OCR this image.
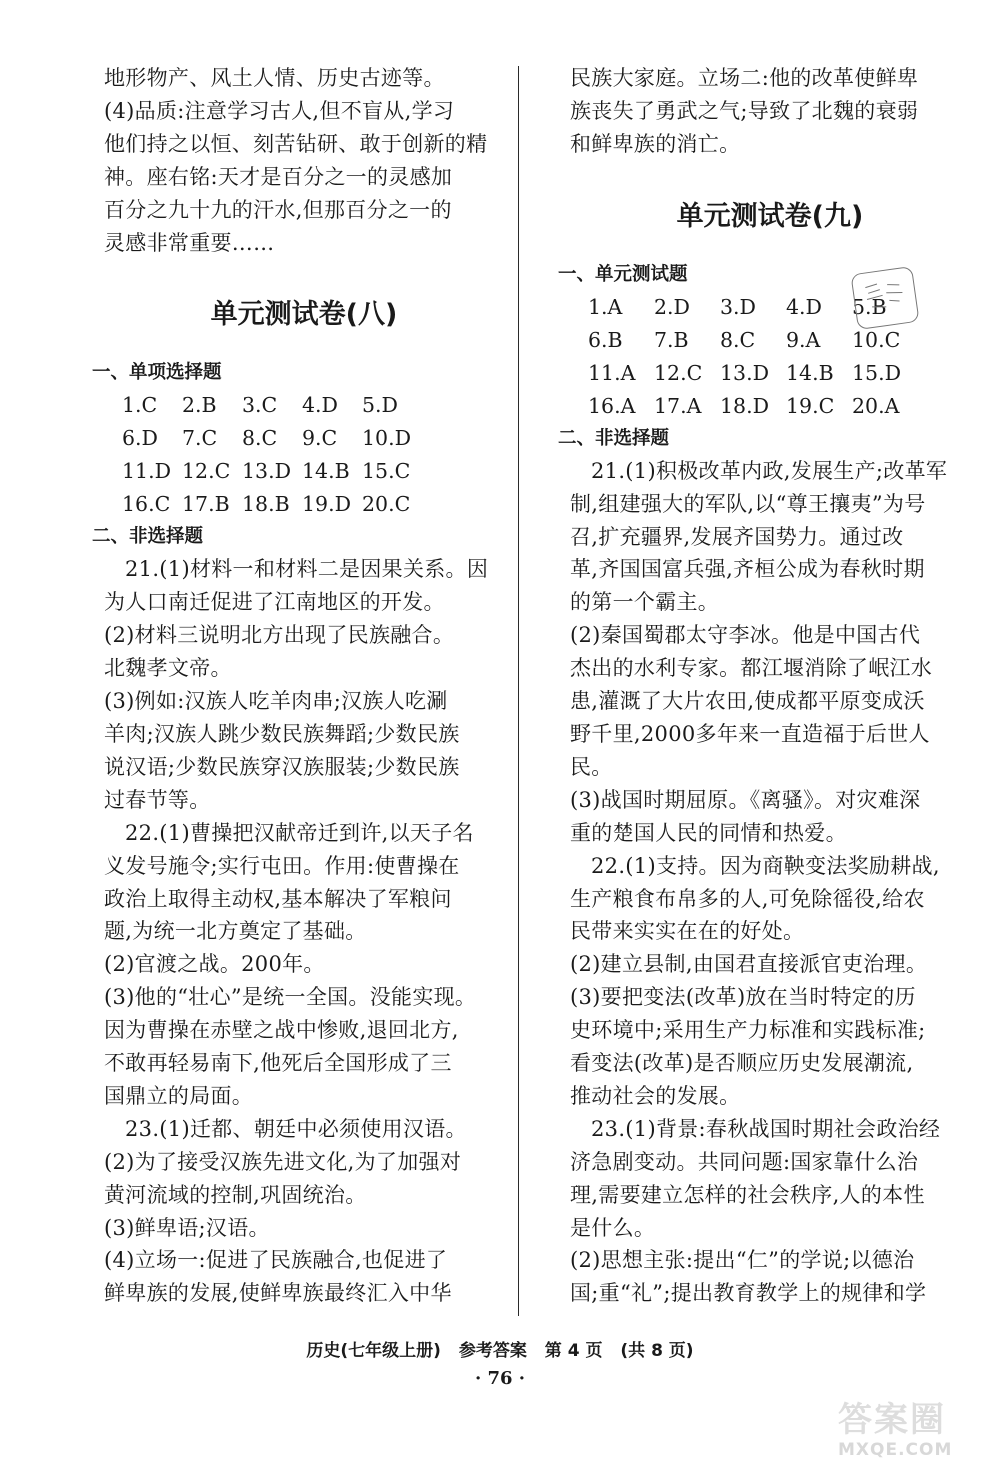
地形物产、风土人情、历史古迹等。
(4)品质:注意学习古人,但不盲从,学习
他们持之以恒、刻苦钻研、敢于创新的精
神。座右铭:天才是百分之一的灵感加
百分之九十九的汗水,但那百分之一的
灵感非常重要……
单元测试卷(八)
一、单项选择题
1.C	2.B	3.C	4.D	5.D
6.D	7.C	8.C	9.C	10.D
11.D 12.C 13.D 14.B 15.C
16.C 17.B 18.B 19.D 20.C
二、非选择题
21.(1)材料一和材料二是因果关系。因
为人口南迁促进了江南地区的开发。
(2)材料三说明北方出现了民族融合。
北魏孝文帝。
(3)例如:汉族人吃羊肉串;汉族人吃涮
羊肉;汉族人跳少数民族舞蹈;少数民族
说汉语;少数民族穿汉族服装;少数民族
过春节等。
22.(1)曹操把汉献帝迁到许,以天子名
义发号施令;实行屯田。作用:使曹操在
政治上取得主动权,基本解决了军粮问
题,为统一北方奠定了基础。
(2)官渡之战。200年。
(3)他的“壮心”是统一全国。没能实现。
因为曹操在赤壁之战中惨败,退回北方,
不敢再轻易南下,他死后全国形成了三
国鼎立的局面。
23.(1)迁都、朝廷中必须使用汉语。
(2)为了接受汉族先进文化,为了加强对
黄河流域的控制,巩固统治。
(3)鲜卑语;汉语。
(4)立场一:促进了民族融合,也促进了
鲜卑族的发展,使鲜卑族最终汇入中华
民族大家庭。立场二:他的改革使鲜卑
族丧失了勇武之气;导致了北魏的衰弱
和鲜卑族的消亡。
单元测试卷(九)
一、单元测试题
1.A	2.D	3.D	4.D	5.B
6.B	7.B	8.C	9.A	10.C
11.A 12.C 13.D 14.B 15.D
16.A 17.A 18.D 19.C 20.A
二、非选择题
21.(1)积极改革内政,发展生产;改革军
制,组建强大的军队,以“尊王攘夷”为号
召,扩充疆界,发展齐国势力。通过改
革,齐国国富兵强,齐桓公成为春秋时期
的第一个霸主。
(2)秦国蜀郡太守李冰。他是中国古代
杰出的水利专家。都江堰消除了岷江水
患,灌溉了大片农田,使成都平原变成沃
野千里,2000多年来一直造福于后世人
民。
(3)战国时期屈原。《离骚》。对灾难深
重的楚国人民的同情和热爱。
22.(1)支持。因为商鞅变法奖励耕战,
生产粮食布帛多的人,可免除徭役,给农
民带来实实在在的好处。
(2)建立县制,由国君直接派官吏治理。
(3)要把变法(改革)放在当时特定的历
史环境中;采用生产力标准和实践标准;
看变法(改革)是否顺应历史发展潮流,
推动社会的发展。
23.(1)背景:春秋战国时期社会政治经
济急剧变动。共同问题:国家靠什么治
理,需要建立怎样的社会秩序,人的本性
是什么。
(2)思想主张:提出“仁”的学说;以德治
国;重“礼”;提出教育教学上的规律和学
历史(七年级上册) 参考答案 第 4 页 (共 8 页)
· 76 ·
答案圈
MXQE.COM
